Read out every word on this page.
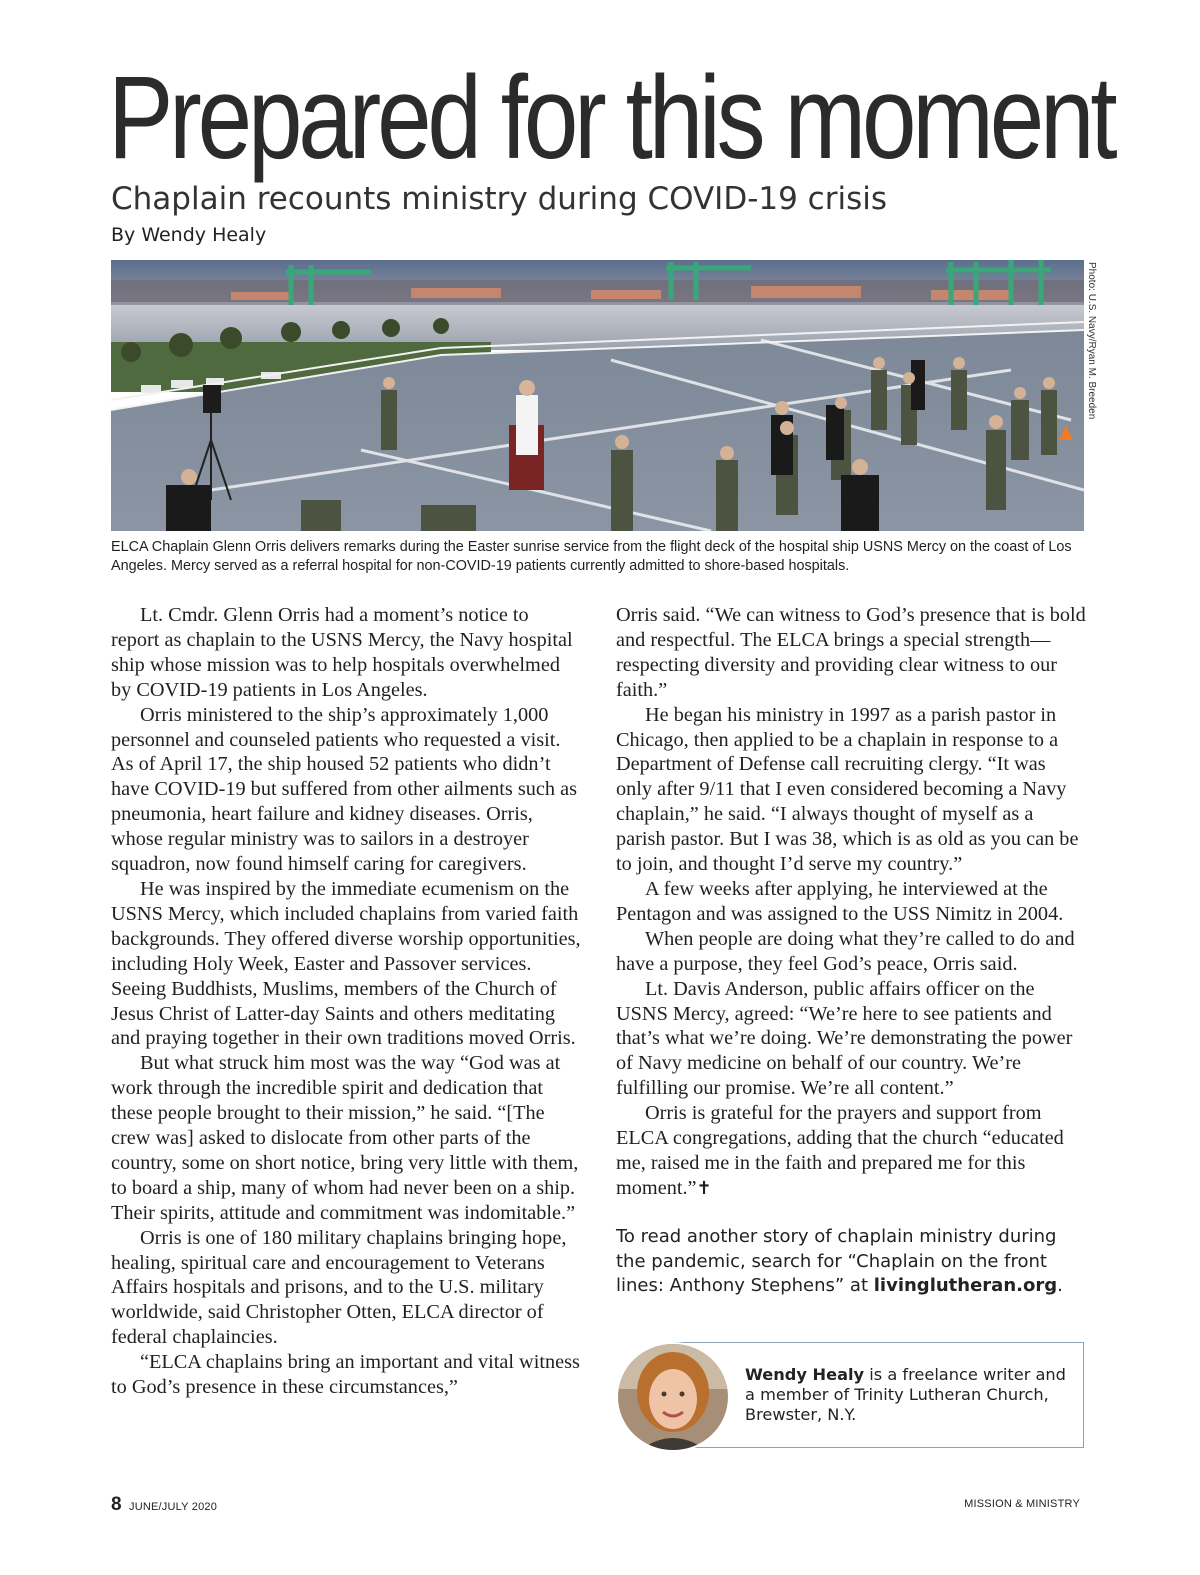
Prepared for this moment
Chaplain recounts ministry during COVID-19 crisis
By Wendy Healy
Photo: U.S. Navy/Ryan M. Breeden

ELCA Chaplain Glenn Orris delivers remarks during the Easter sunrise service from the flight deck of the hospital ship USNS Mercy on the coast of Los Angeles. Mercy served as a referral hospital for non-COVID-19 patients currently admitted to shore-based hospitals.

Lt. Cmdr. Glenn Orris had a moment’s notice to report as chaplain to the USNS Mercy, the Navy hospital ship whose mission was to help hospitals overwhelmed by COVID-19 patients in Los Angeles.

Orris ministered to the ship’s approximately 1,000 personnel and counseled patients who requested a visit. As of April 17, the ship housed 52 patients who didn’t have COVID-19 but suffered from other ailments such as pneumonia, heart failure and kidney diseases. Orris, whose regular ministry was to sailors in a destroyer squadron, now found himself caring for caregivers.

He was inspired by the immediate ecumenism on the USNS Mercy, which included chaplains from varied faith backgrounds. They offered diverse worship opportunities, including Holy Week, Easter and Passover services. Seeing Buddhists, Muslims, members of the Church of Jesus Christ of Latter-day Saints and others meditating and praying together in their own traditions moved Orris.

But what struck him most was the way “God was at work through the incredible spirit and dedication that these people brought to their mission,” he said. “[The crew was] asked to dislocate from other parts of the country, some on short notice, bring very little with them, to board a ship, many of whom had never been on a ship. Their spirits, attitude and commitment was indomitable.”

Orris is one of 180 military chaplains bringing hope, healing, spiritual care and encouragement to Veterans Affairs hospitals and prisons, and to the U.S. military worldwide, said Christopher Otten, ELCA director of federal chaplaincies.

“ELCA chaplains bring an important and vital witness to God’s presence in these circumstances,”

Orris said. “We can witness to God’s presence that is bold and respectful. The ELCA brings a special strength—respecting diversity and providing clear witness to our faith.”

He began his ministry in 1997 as a parish pastor in Chicago, then applied to be a chaplain in response to a Department of Defense call recruiting clergy. “It was only after 9/11 that I even considered becoming a Navy chaplain,” he said. “I always thought of myself as a parish pastor. But I was 38, which is as old as you can be to join, and thought I’d serve my country.”

A few weeks after applying, he interviewed at the Pentagon and was assigned to the USS Nimitz in 2004.

When people are doing what they’re called to do and have a purpose, they feel God’s peace, Orris said.

Lt. Davis Anderson, public affairs officer on the USNS Mercy, agreed: “We’re here to see patients and that’s what we’re doing. We’re demonstrating the power of Navy medicine on behalf of our country. We’re fulfilling our promise. We’re all content.”

Orris is grateful for the prayers and support from ELCA congregations, adding that the church “educated me, raised me in the faith and prepared me for this moment.”✝

To read another story of chaplain ministry during the pandemic, search for “Chaplain on the front lines: Anthony Stephens” at livinglutheran.org.

Wendy Healy is a freelance writer and a member of Trinity Lutheran Church, Brewster, N.Y.

8 JUNE/JULY 2020	MISSION & MINISTRY
